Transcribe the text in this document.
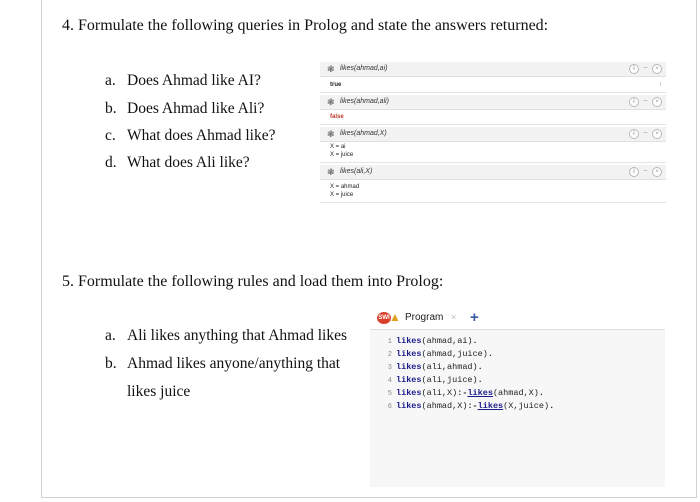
4. Formulate the following queries in Prolog and state the answers returned:
a. Does Ahmad like AI?
b. Does Ahmad like Ali?
c. What does Ahmad like?
d. What does Ali like?
❃ likes(ahmad,ai)	⇩	–	×
true	↑
❃ likes(ahmad,ali)	⇩	–	×
false
❃ likes(ahmad,X)	⇩	–	×
X = ai
X = juice
❃ likes(ali,X)	⇩	–	×
X = ahmad
X = juice
5. Formulate the following rules and load them into Prolog:
a. Ali likes anything that Ahmad likes
b. Ahmad likes anyone/anything that
likes juice
SWI ▲ Program × +
1 likes(ahmad,ai).
2 likes(ahmad,juice).
3 likes(ali,ahmad).
4 likes(ali,juice).
5 likes(ali,X):-likes(ahmad,X).
6 likes(ahmad,X):-likes(X,juice).
